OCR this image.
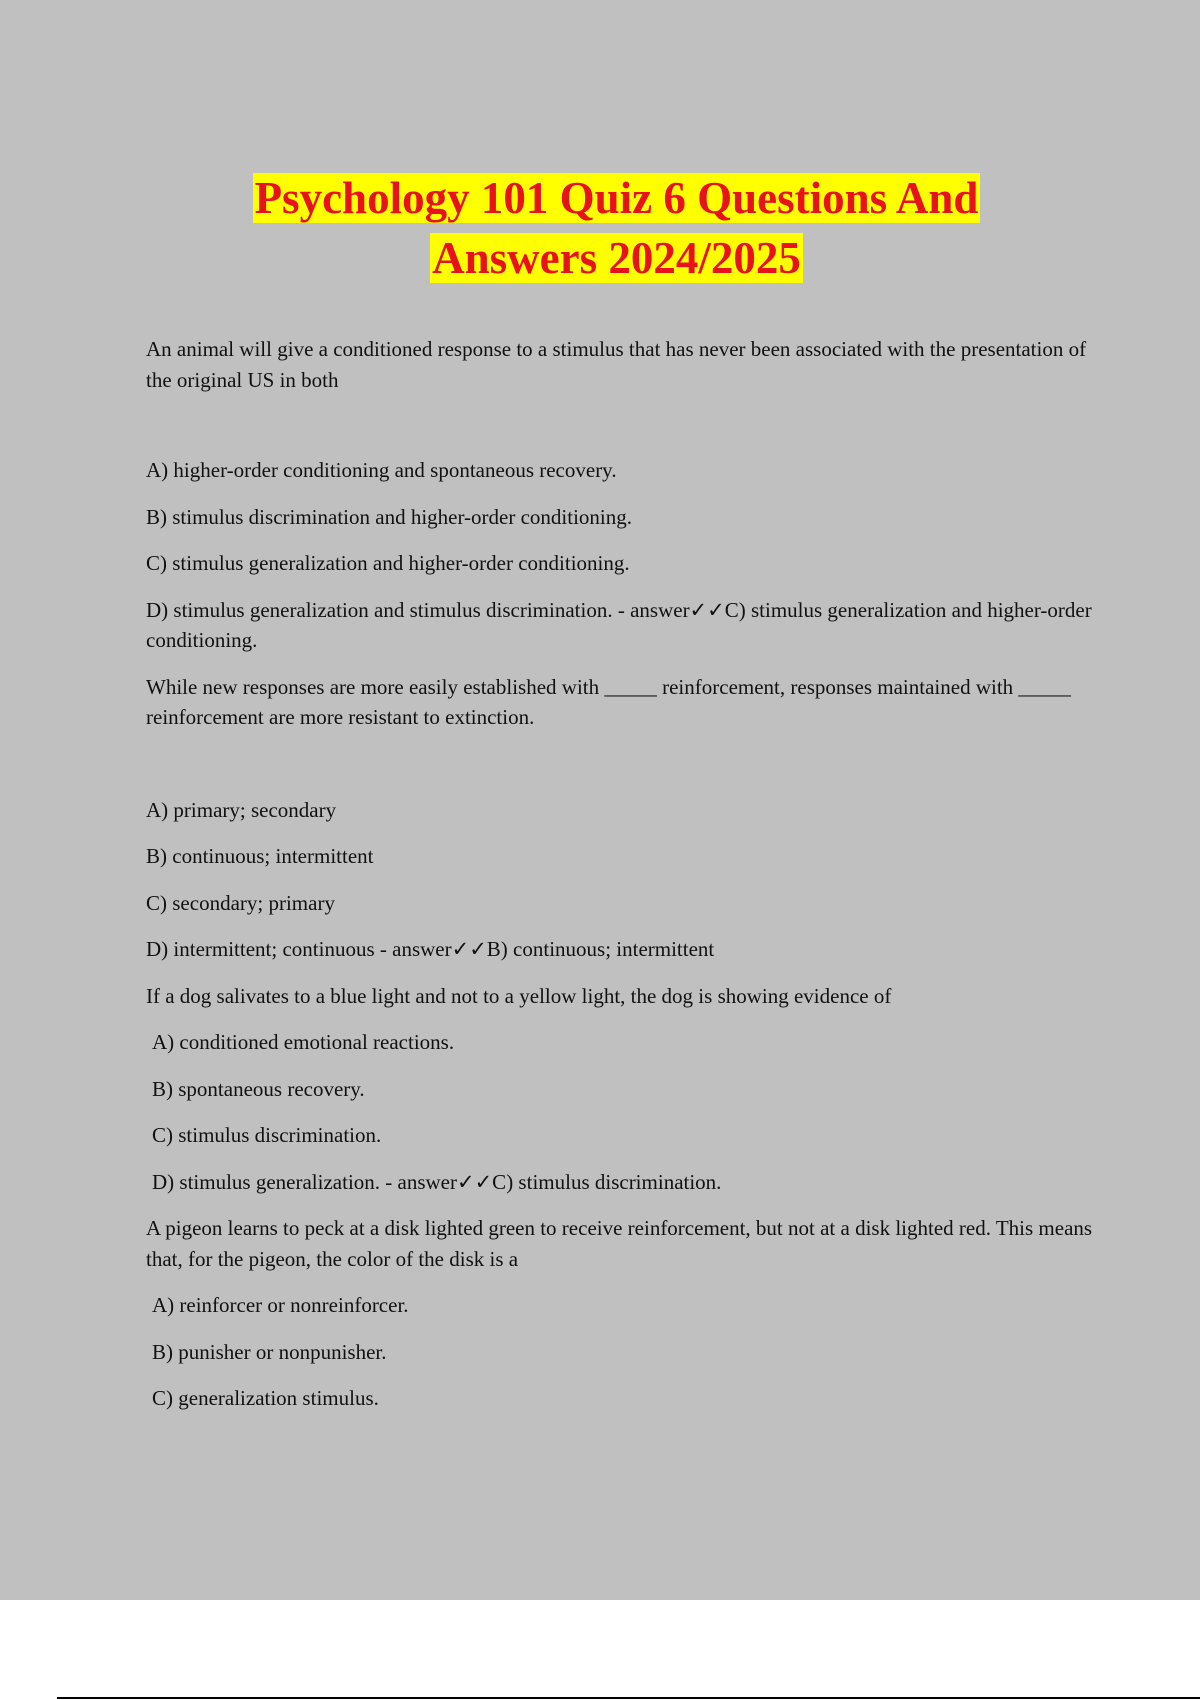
Psychology 101 Quiz 6 Questions And
Answers 2024/2025

An animal will give a conditioned response to a stimulus that has never been associated with the presentation of the original US in both

A) higher-order conditioning and spontaneous recovery.

B) stimulus discrimination and higher-order conditioning.

C) stimulus generalization and higher-order conditioning.

D) stimulus generalization and stimulus discrimination. - answer✓✓C) stimulus generalization and higher-order conditioning.

While new responses are more easily established with _____ reinforcement, responses maintained with _____ reinforcement are more resistant to extinction.

A) primary; secondary

B) continuous; intermittent

C) secondary; primary

D) intermittent; continuous - answer✓✓B) continuous; intermittent

If a dog salivates to a blue light and not to a yellow light, the dog is showing evidence of

A) conditioned emotional reactions.

B) spontaneous recovery.

C) stimulus discrimination.

D) stimulus generalization. - answer✓✓C) stimulus discrimination.

A pigeon learns to peck at a disk lighted green to receive reinforcement, but not at a disk lighted red. This means that, for the pigeon, the color of the disk is a

A) reinforcer or nonreinforcer.

B) punisher or nonpunisher.

C) generalization stimulus.
